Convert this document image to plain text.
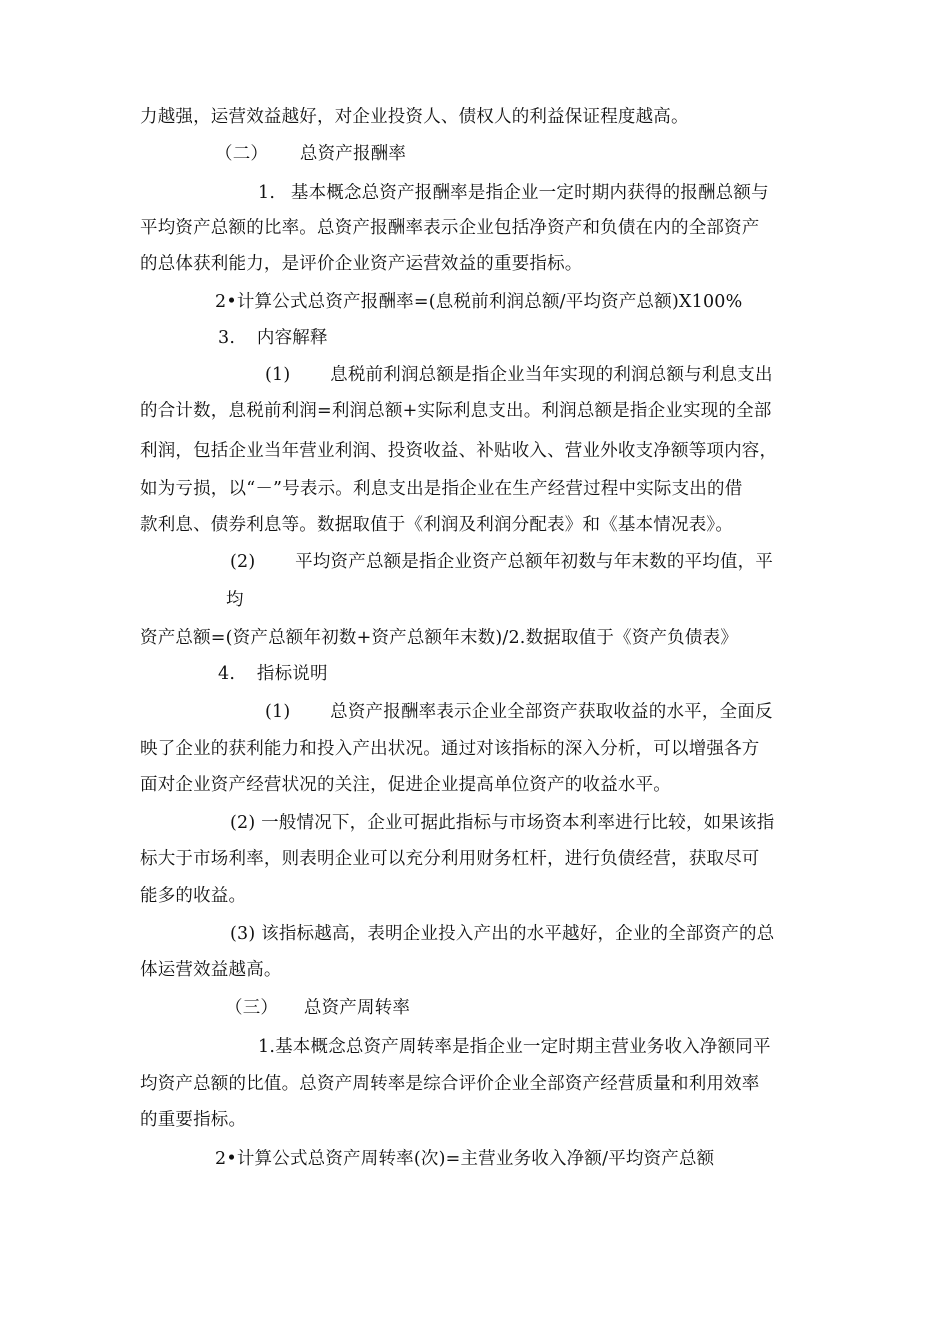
力越强，运营效益越好，对企业投资人、债权人的利益保证程度越高。
（二） 总资产报酬率
1. 基本概念总资产报酬率是指企业一定时期内获得的报酬总额与
平均资产总额的比率。总资产报酬率表示企业包括净资产和负债在内的全部资产
的总体获利能力，是评价企业资产运营效益的重要指标。
2•计算公式总资产报酬率=(息税前利润总额/平均资产总额)X100%
3. 内容解释
(1) 息税前利润总额是指企业当年实现的利润总额与利息支出
的合计数，息税前利润=利润总额+实际利息支出。利润总额是指企业实现的全部
利润，包括企业当年营业利润、投资收益、补贴收入、营业外收支净额等项内容，
如为亏损，以“－”号表示。利息支出是指企业在生产经营过程中实际支出的借
款利息、债券利息等。数据取值于《利润及利润分配表》和《基本情况表》。
(2) 平均资产总额是指企业资产总额年初数与年末数的平均值，平
均
资产总额=(资产总额年初数+资产总额年末数)/2.数据取值于《资产负债表》
4. 指标说明
(1) 总资产报酬率表示企业全部资产获取收益的水平，全面反
映了企业的获利能力和投入产出状况。通过对该指标的深入分析，可以增强各方
面对企业资产经营状况的关注，促进企业提高单位资产的收益水平。
(2) 一般情况下，企业可据此指标与市场资本利率进行比较，如果该指
标大于市场利率，则表明企业可以充分利用财务杠杆，进行负债经营，获取尽可
能多的收益。
(3) 该指标越高，表明企业投入产出的水平越好，企业的全部资产的总
体运营效益越高。
（三） 总资产周转率
1.基本概念总资产周转率是指企业一定时期主营业务收入净额同平
均资产总额的比值。总资产周转率是综合评价企业全部资产经营质量和利用效率
的重要指标。
2•计算公式总资产周转率(次)=主营业务收入净额/平均资产总额
